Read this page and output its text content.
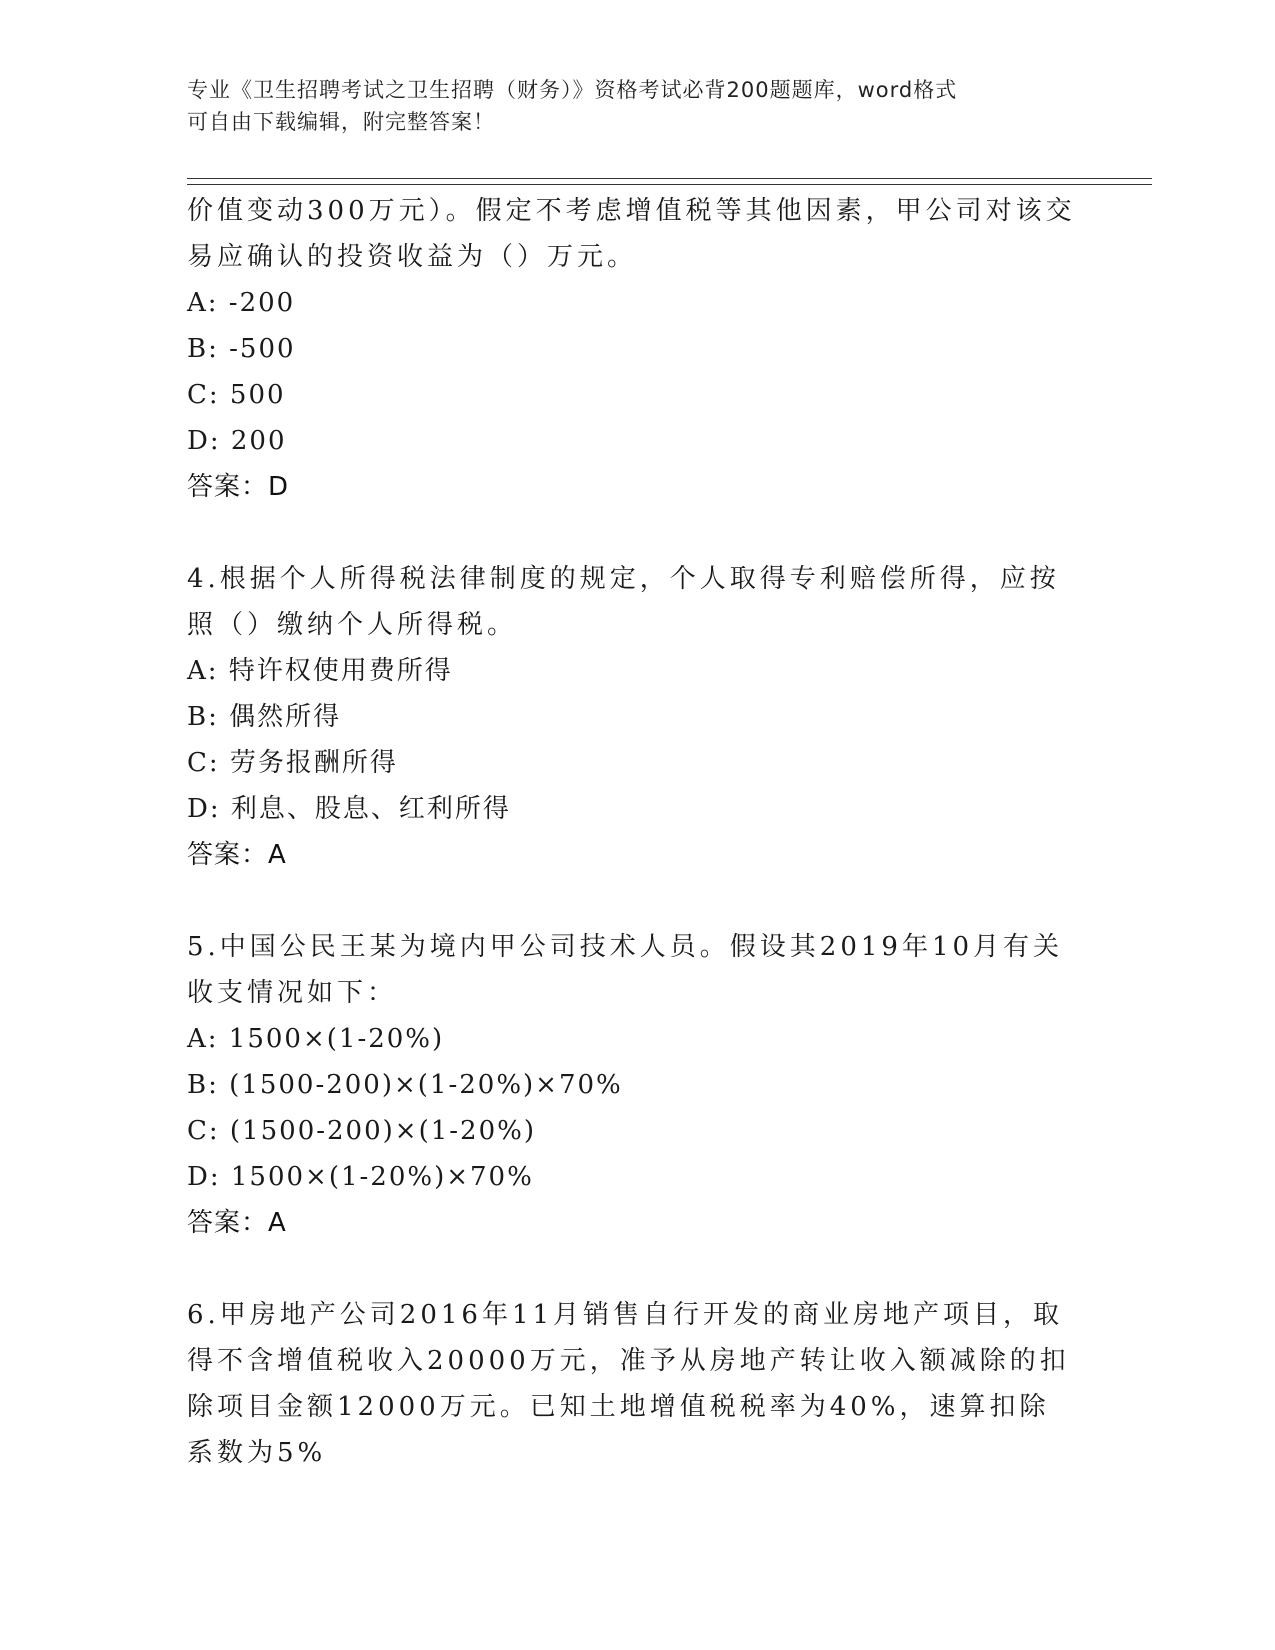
专业《卫生招聘考试之卫生招聘（财务）》资格考试必背200题题库，word格式
可自由下载编辑，附完整答案！

价值变动300万元）。假定不考虑增值税等其他因素，甲公司对该交易应确认的投资收益为（）万元。

A: -200

B: -500

C: 500

D: 200

答案：D

4.根据个人所得税法律制度的规定，个人取得专利赔偿所得，应按照（）缴纳个人所得税。

A: 特许权使用费所得

B: 偶然所得

C: 劳务报酬所得

D: 利息、股息、红利所得

答案：A

5.中国公民王某为境内甲公司技术人员。假设其2019年10月有关收支情况如下：

A: 1500×(1-20%)

B: (1500-200)×(1-20%)×70%

C: (1500-200)×(1-20%)

D: 1500×(1-20%)×70%

答案：A

6.甲房地产公司2016年11月销售自行开发的商业房地产项目，取得不含增值税收入20000万元，准予从房地产转让收入额减除的扣除项目金额12000万元。已知土地增值税税率为40%，速算扣除系数为5%
